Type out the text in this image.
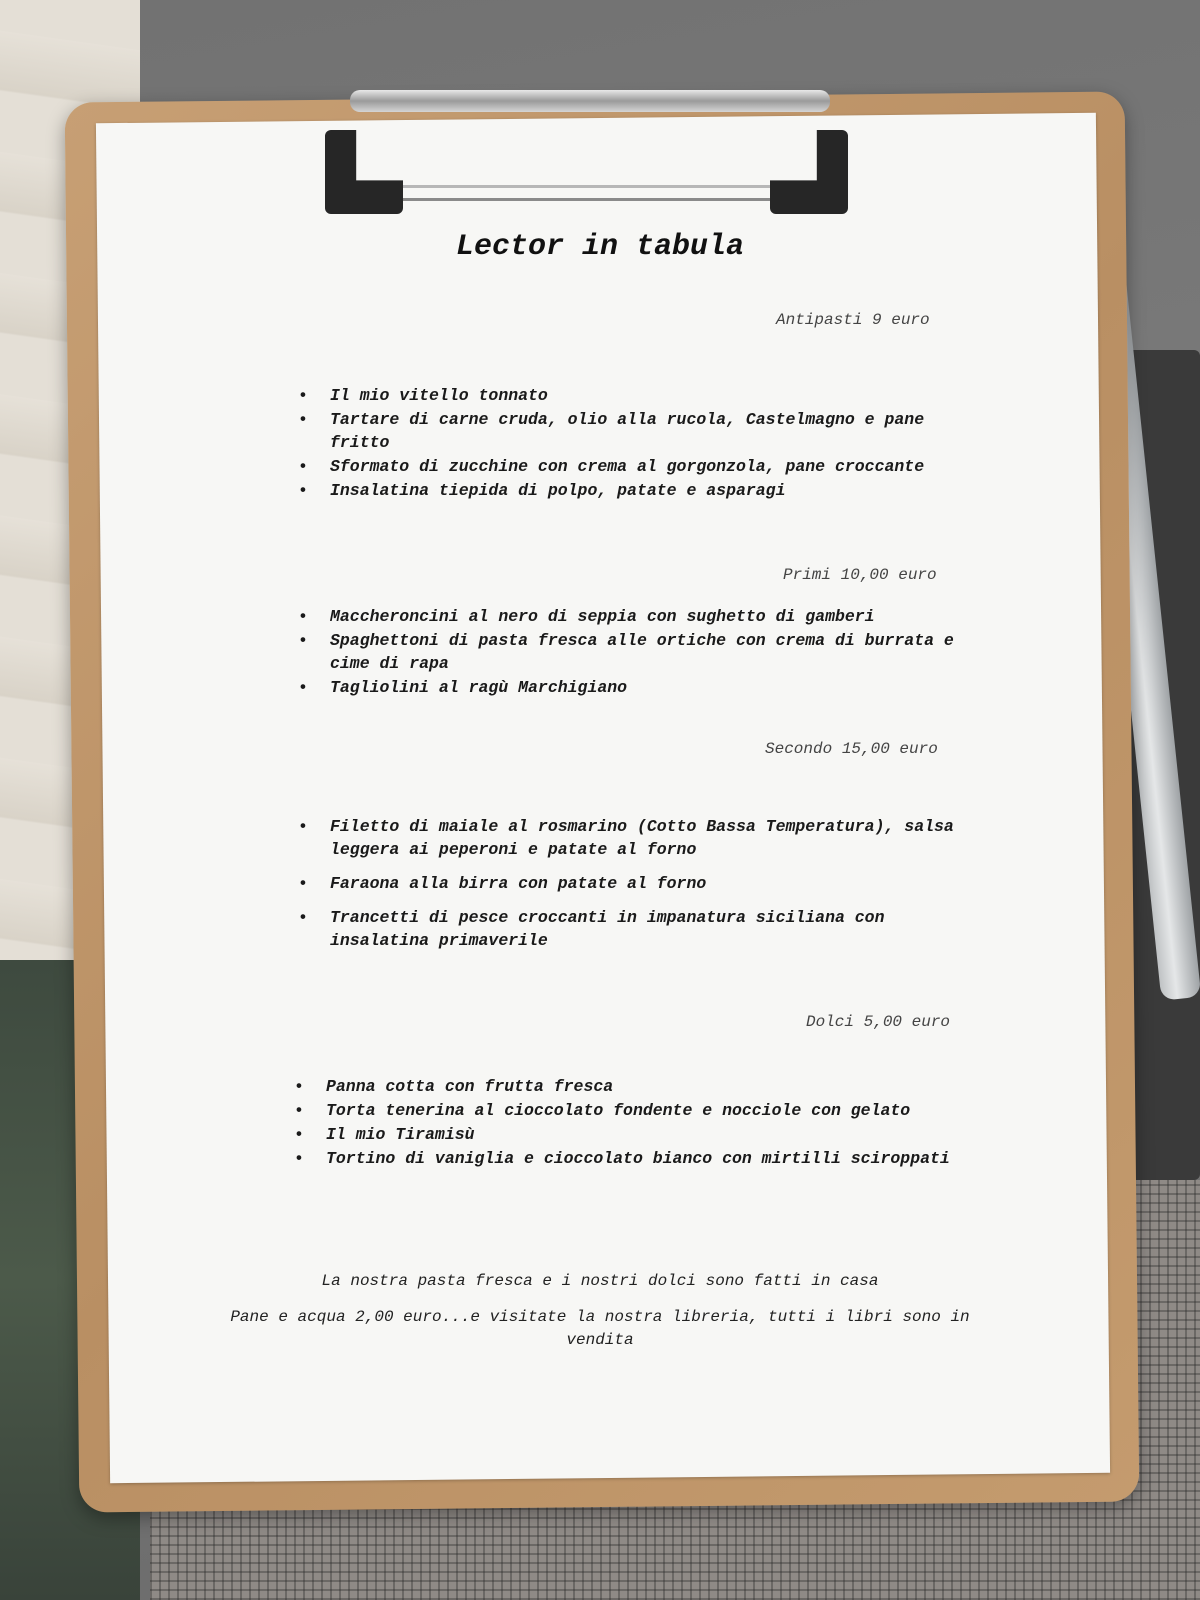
Lector in tabula
Antipasti 9 euro
• Il mio vitello tonnato
• Tartare di carne cruda, olio alla rucola, Castelmagno e pane fritto
• Sformato di zucchine con crema al gorgonzola, pane croccante
• Insalatina tiepida di polpo, patate e asparagi
Primi 10,00 euro
• Maccheroncini al nero di seppia con sughetto di gamberi
• Spaghettoni di pasta fresca alle ortiche con crema di burrata e cime di rapa
• Tagliolini al ragù Marchigiano
Secondo 15,00 euro
• Filetto di maiale al rosmarino (Cotto Bassa Temperatura), salsa leggera ai peperoni e patate al forno
• Faraona alla birra con patate al forno
• Trancetti di pesce croccanti in impanatura siciliana con insalatina primaverile
Dolci 5,00 euro
• Panna cotta con frutta fresca
• Torta tenerina al cioccolato fondente e nocciole con gelato
• Il mio Tiramisù
• Tortino di vaniglia e cioccolato bianco con mirtilli sciroppati
La nostra pasta fresca e i nostri dolci sono fatti in casa
Pane e acqua 2,00 euro...e visitate la nostra libreria, tutti i libri sono in vendita
